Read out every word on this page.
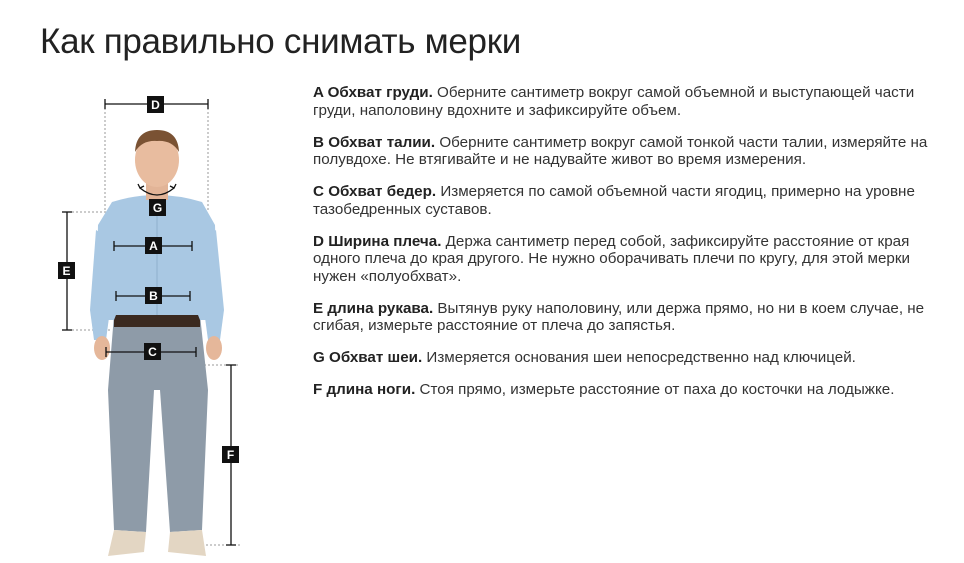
Как правильно снимать мерки
D
G
A
E
B
C
F

A Обхват груди. Оберните сантиметр вокруг самой объемной и выступающей части груди, наполовину вдохните и зафиксируйте объем.

B Обхват талии. Оберните сантиметр вокруг самой тонкой части талии, измеряйте на полувдохе. Не втягивайте и не надувайте живот во время измерения.

C Обхват бедер. Измеряется по самой объемной части ягодиц, примерно на уровне тазобедренных суставов.

D Ширина плеча. Держа сантиметр перед собой, зафиксируйте расстояние от края одного плеча до края другого. Не нужно оборачивать плечи по кругу, для этой мерки нужен «полуобхват».

E длина рукава. Вытянув руку наполовину, или держа прямо, но ни в коем случае, не сгибая, измерьте расстояние от плеча до запястья.

G Обхват шеи. Измеряется основания шеи непосредственно над ключицей.

F длина ноги. Стоя прямо, измерьте расстояние от паха до косточки на лодыжке.
